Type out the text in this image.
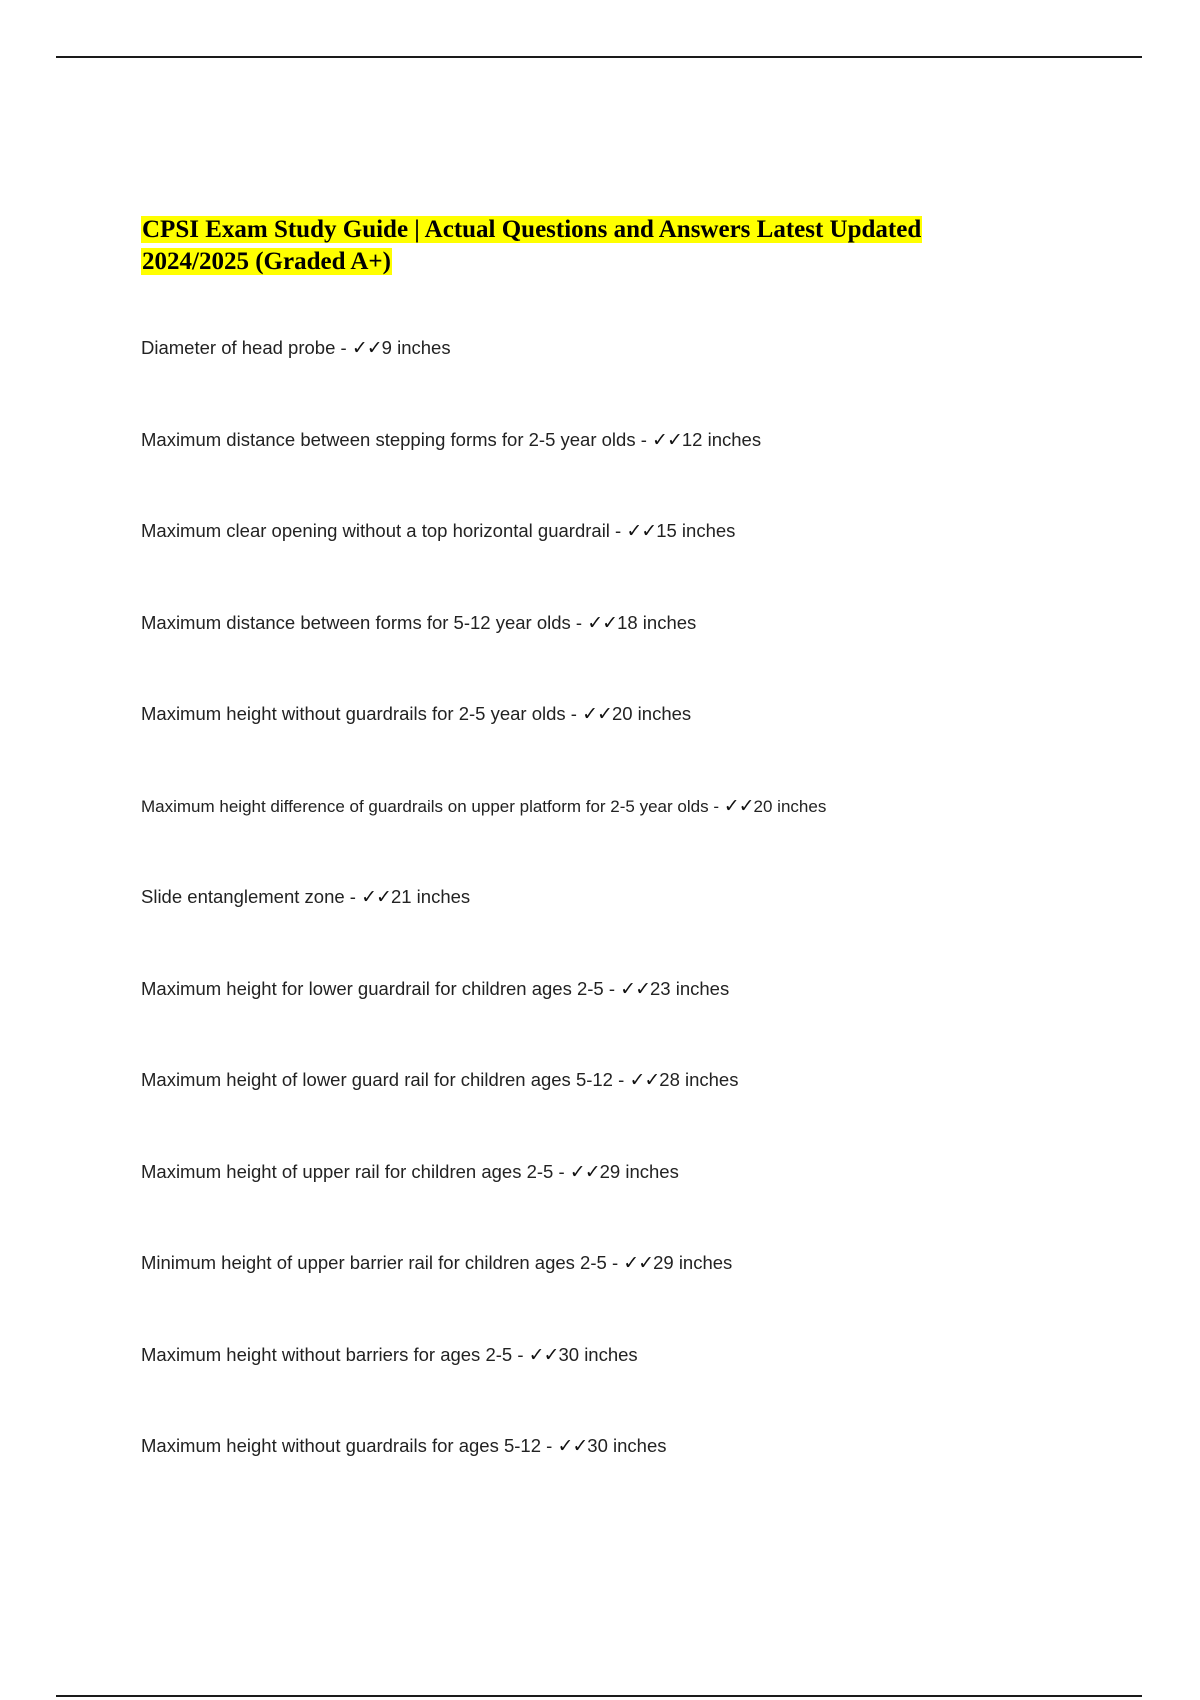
CPSI Exam Study Guide | Actual Questions and Answers Latest Updated
2024/2025 (Graded A+)
Diameter of head probe - ✓✓9 inches
Maximum distance between stepping forms for 2-5 year olds - ✓✓12 inches
Maximum clear opening without a top horizontal guardrail - ✓✓15 inches
Maximum distance between forms for 5-12 year olds - ✓✓18 inches
Maximum height without guardrails for 2-5 year olds - ✓✓20 inches
Maximum height difference of guardrails on upper platform for 2-5 year olds - ✓✓20 inches
Slide entanglement zone - ✓✓21 inches
Maximum height for lower guardrail for children ages 2-5 - ✓✓23 inches
Maximum height of lower guard rail for children ages 5-12 - ✓✓28 inches
Maximum height of upper rail for children ages 2-5 - ✓✓29 inches
Minimum height of upper barrier rail for children ages 2-5 - ✓✓29 inches
Maximum height without barriers for ages 2-5 - ✓✓30 inches
Maximum height without guardrails for ages 5-12 - ✓✓30 inches
